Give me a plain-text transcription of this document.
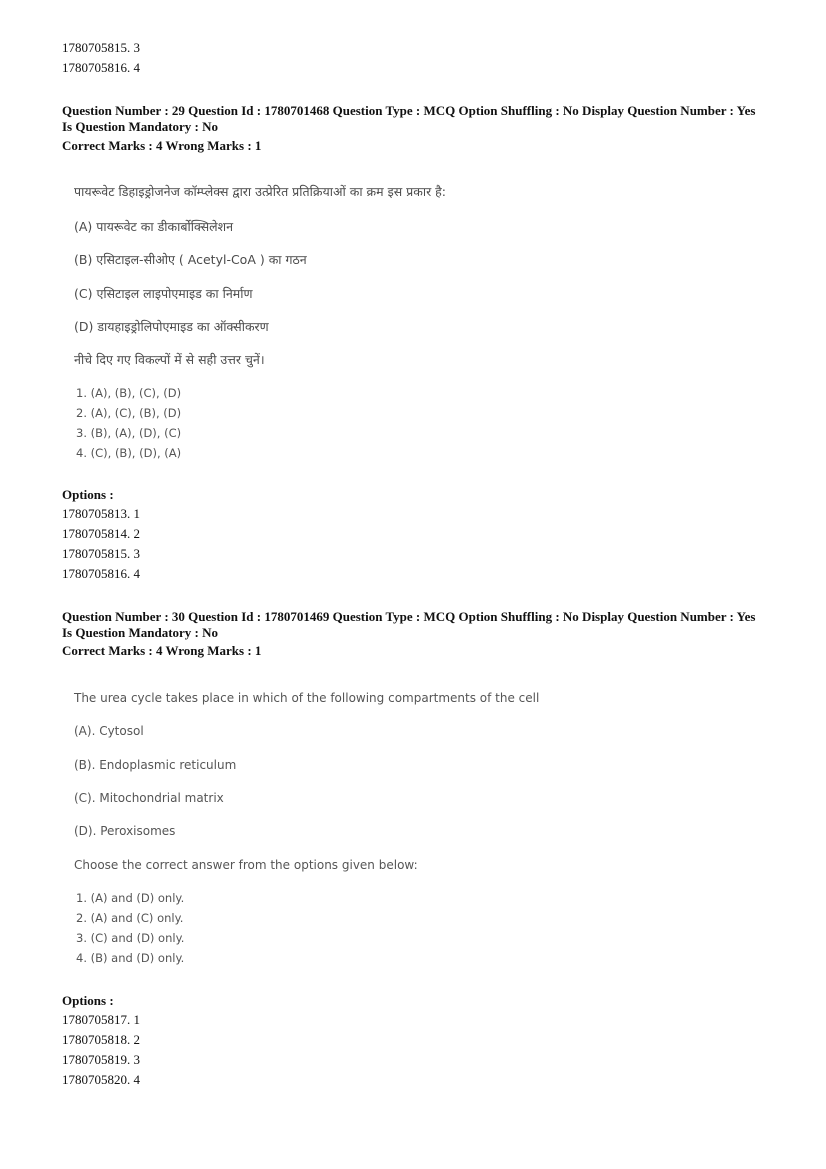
1780705815. 3
1780705816. 4
Question Number : 29 Question Id : 1780701468 Question Type : MCQ Option Shuffling : No Display Question Number : Yes
Is Question Mandatory : No
Correct Marks : 4 Wrong Marks : 1
पायरूवेट डिहाइड्रोजनेज कॉम्प्लेक्स द्वारा उत्प्रेरित प्रतिक्रियाओं का क्रम इस प्रकार है:
(A) पायरूवेट का डीकार्बोक्सिलेशन
(B) एसिटाइल-सीओए ( Acetyl-CoA ) का गठन
(C) एसिटाइल लाइपोएमाइड का निर्माण
(D) डायहाइड्रोलिपोएमाइड का ऑक्सीकरण
नीचे दिए गए विकल्पों में से सही उत्तर चुनें।
1. (A), (B), (C), (D)
2. (A), (C), (B), (D)
3. (B), (A), (D), (C)
4. (C), (B), (D), (A)
Options :
1780705813. 1
1780705814. 2
1780705815. 3
1780705816. 4
Question Number : 30 Question Id : 1780701469 Question Type : MCQ Option Shuffling : No Display Question Number : Yes
Is Question Mandatory : No
Correct Marks : 4 Wrong Marks : 1
The urea cycle takes place in which of the following compartments of the cell
(A). Cytosol
(B). Endoplasmic reticulum
(C). Mitochondrial matrix
(D). Peroxisomes
Choose the correct answer from the options given below:
1. (A) and (D) only.
2. (A) and (C) only.
3. (C) and (D) only.
4. (B) and (D) only.
Options :
1780705817. 1
1780705818. 2
1780705819. 3
1780705820. 4
